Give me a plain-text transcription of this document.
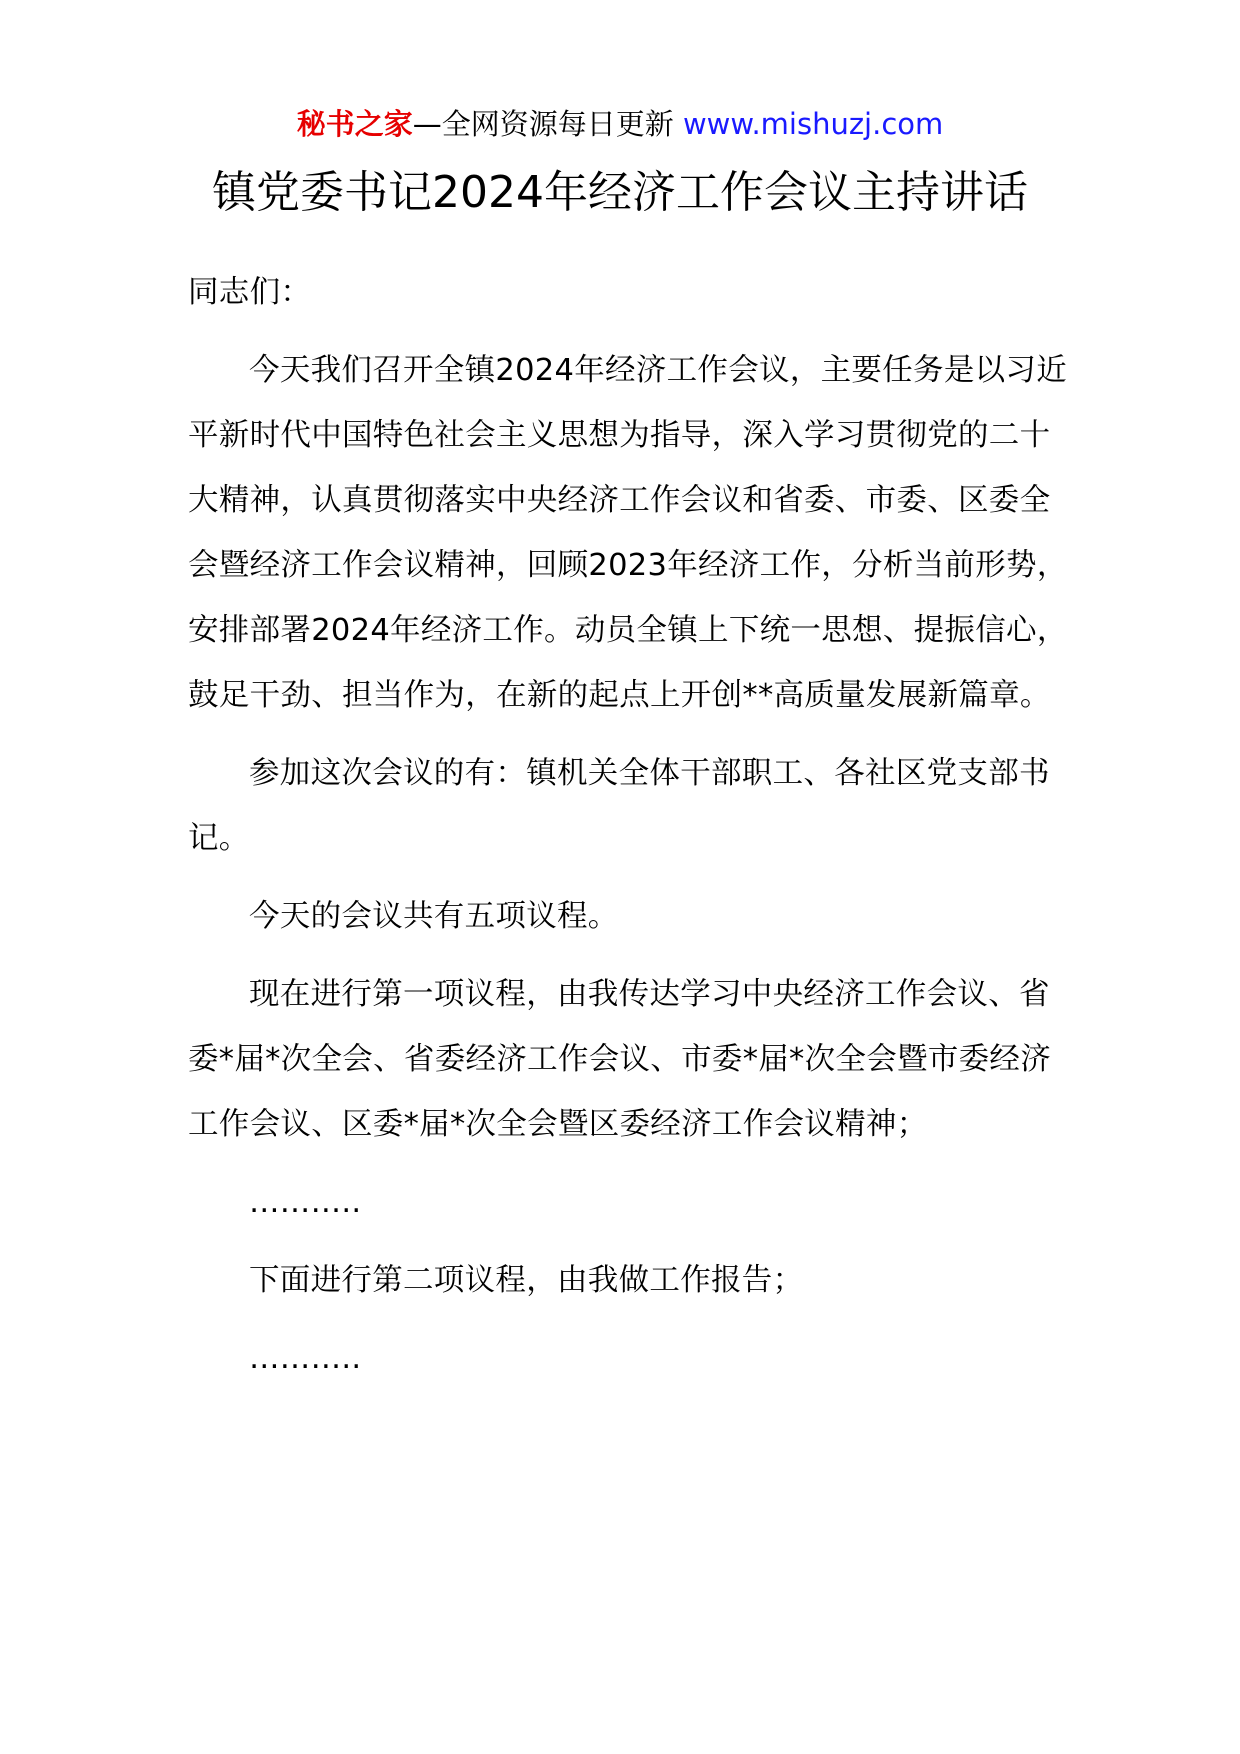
秘书之家—全网资源每日更新 www.mishuzj.com
镇党委书记2024年经济工作会议主持讲话

同志们：

今天我们召开全镇2024年经济工作会议，主要任务是以习近平新时代中国特色社会主义思想为指导，深入学习贯彻党的二十大精神，认真贯彻落实中央经济工作会议和省委、市委、区委全会暨经济工作会议精神，回顾2023年经济工作，分析当前形势，安排部署2024年经济工作。动员全镇上下统一思想、提振信心，鼓足干劲、担当作为，在新的起点上开创**高质量发展新篇章。

参加这次会议的有：镇机关全体干部职工、各社区党支部书记。

今天的会议共有五项议程。

现在进行第一项议程，由我传达学习中央经济工作会议、省委*届*次全会、省委经济工作会议、市委*届*次全会暨市委经济工作会议、区委*届*次全会暨区委经济工作会议精神；

………..

下面进行第二项议程，由我做工作报告；

………..
